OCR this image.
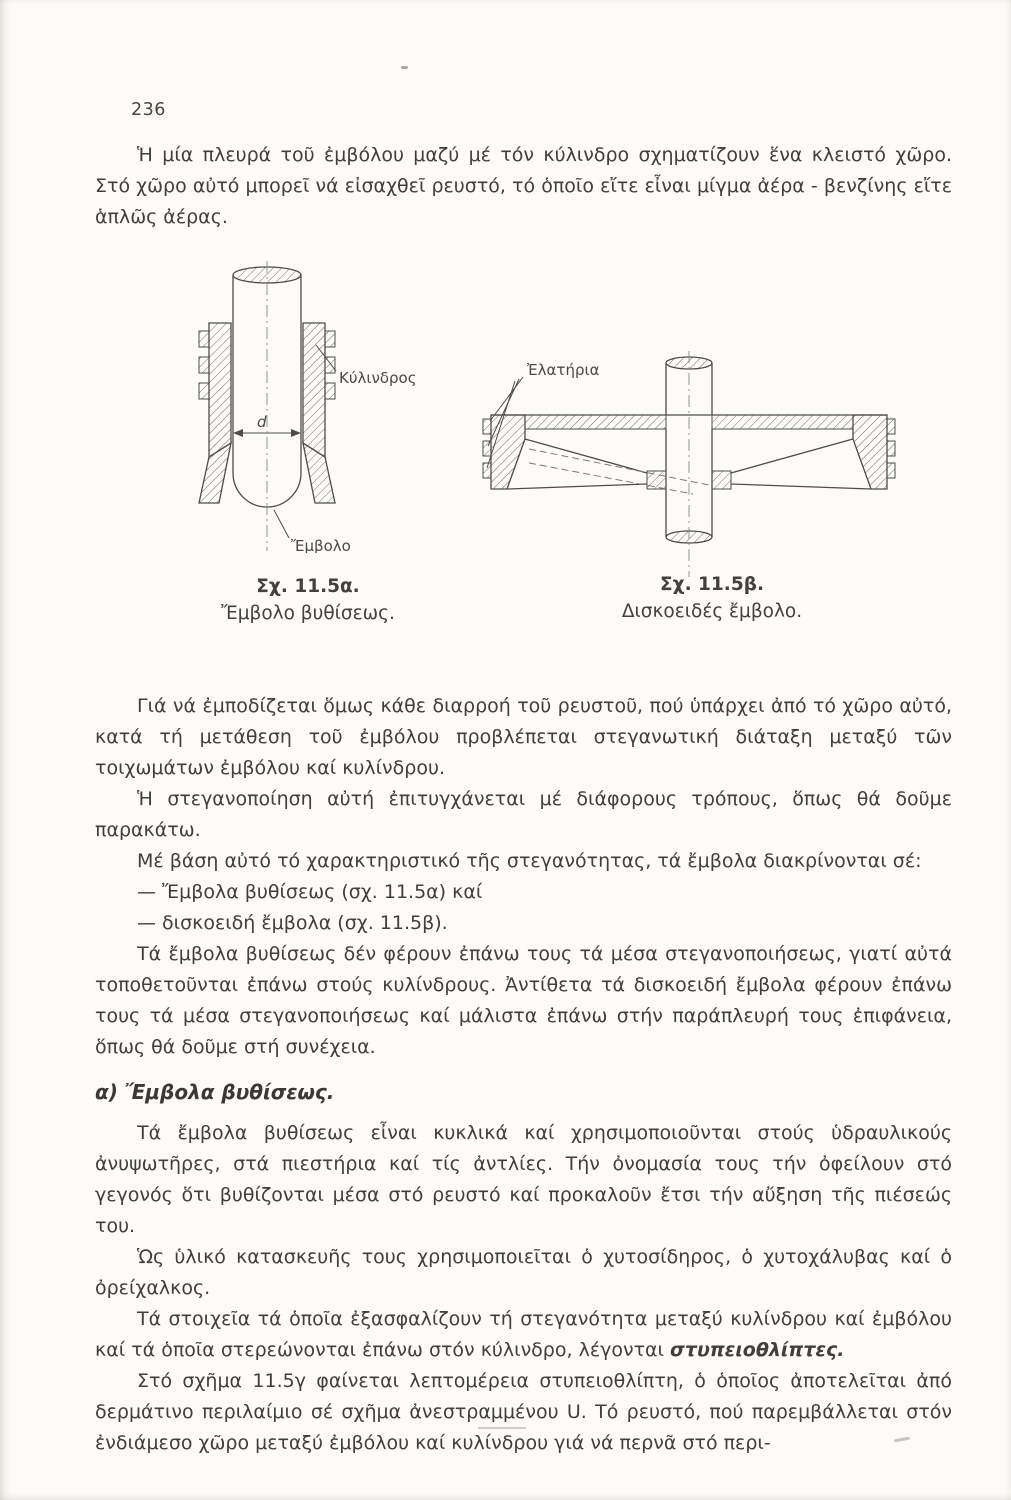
236

Ἡ μία πλευρά τοῦ ἐμβόλου μαζύ μέ τόν κύλινδρο σχηματίζουν ἕνα κλειστό χῶρο. Στό χῶρο αὐτό μπορεῖ νά εἰσαχθεῖ ρευστό, τό ὁποῖο εἴτε εἶναι μίγμα ἀέρα - βενζίνης εἴτε ἁπλῶς ἀέρας.

Κύλινδρος
d
Ἔμβολο
Ἐλατήρια
Σχ. 11.5α.
Ἔμβολο βυθίσεως.
Σχ. 11.5β.
Δισκοειδές ἔμβολο.

Γιά νά ἐμποδίζεται ὅμως κάθε διαρροή τοῦ ρευστοῦ, πού ὑπάρχει ἀπό τό χῶρο αὐτό, κατά τή μετάθεση τοῦ ἐμβόλου προβλέπεται στεγανωτική διάταξη μεταξύ τῶν τοιχωμάτων ἐμβόλου καί κυλίνδρου.

Ἡ στεγανοποίηση αὐτή ἐπιτυγχάνεται μέ διάφορους τρόπους, ὅπως θά δοῦμε παρακάτω.

Μέ βάση αὐτό τό χαρακτηριστικό τῆς στεγανότητας, τά ἔμβολα διακρίνονται σέ:

— Ἔμβολα βυθίσεως (σχ. 11.5α) καί

— δισκοειδή ἔμβολα (σχ. 11.5β).

Τά ἔμβολα βυθίσεως δέν φέρουν ἐπάνω τους τά μέσα στεγανοποιήσεως, γιατί αὐτά τοποθετοῦνται ἐπάνω στούς κυλίνδρους. Ἀντίθετα τά δισκοειδή ἔμβολα φέρουν ἐπάνω τους τά μέσα στεγανοποιήσεως καί μάλιστα ἐπάνω στήν παράπλευρή τους ἐπιφάνεια, ὅπως θά δοῦμε στή συνέχεια.

α) Ἔμβολα βυθίσεως.

Τά ἔμβολα βυθίσεως εἶναι κυκλικά καί χρησιμοποιοῦνται στούς ὑδραυλικούς ἀνυψωτῆρες, στά πιεστήρια καί τίς ἀντλίες. Τήν ὀνομασία τους τήν ὀφείλουν στό γεγονός ὅτι βυθίζονται μέσα στό ρευστό καί προκαλοῦν ἔτσι τήν αὔξηση τῆς πιέσεώς του.

Ὡς ὑλικό κατασκευῆς τους χρησιμοποιεῖται ὁ χυτοσίδηρος, ὁ χυτοχάλυβας καί ὁ ὀρείχαλκος.

Τά στοιχεῖα τά ὁποῖα ἐξασφαλίζουν τή στεγανότητα μεταξύ κυλίνδρου καί ἐμβόλου καί τά ὁποῖα στερεώνονται ἐπάνω στόν κύλινδρο, λέγονται στυπειοθλίπτες.

Στό σχῆμα 11.5γ φαίνεται λεπτομέρεια στυπειοθλίπτη, ὁ ὁποῖος ἀποτελεῖται ἀπό δερμάτινο περιλαίμιο σέ σχῆμα ἀνεστραμμένου U. Τό ρευστό, πού παρεμβάλλεται στόν ἐνδιάμεσο χῶρο μεταξύ ἐμβόλου καί κυλίνδρου γιά νά περνᾶ στό περι-
